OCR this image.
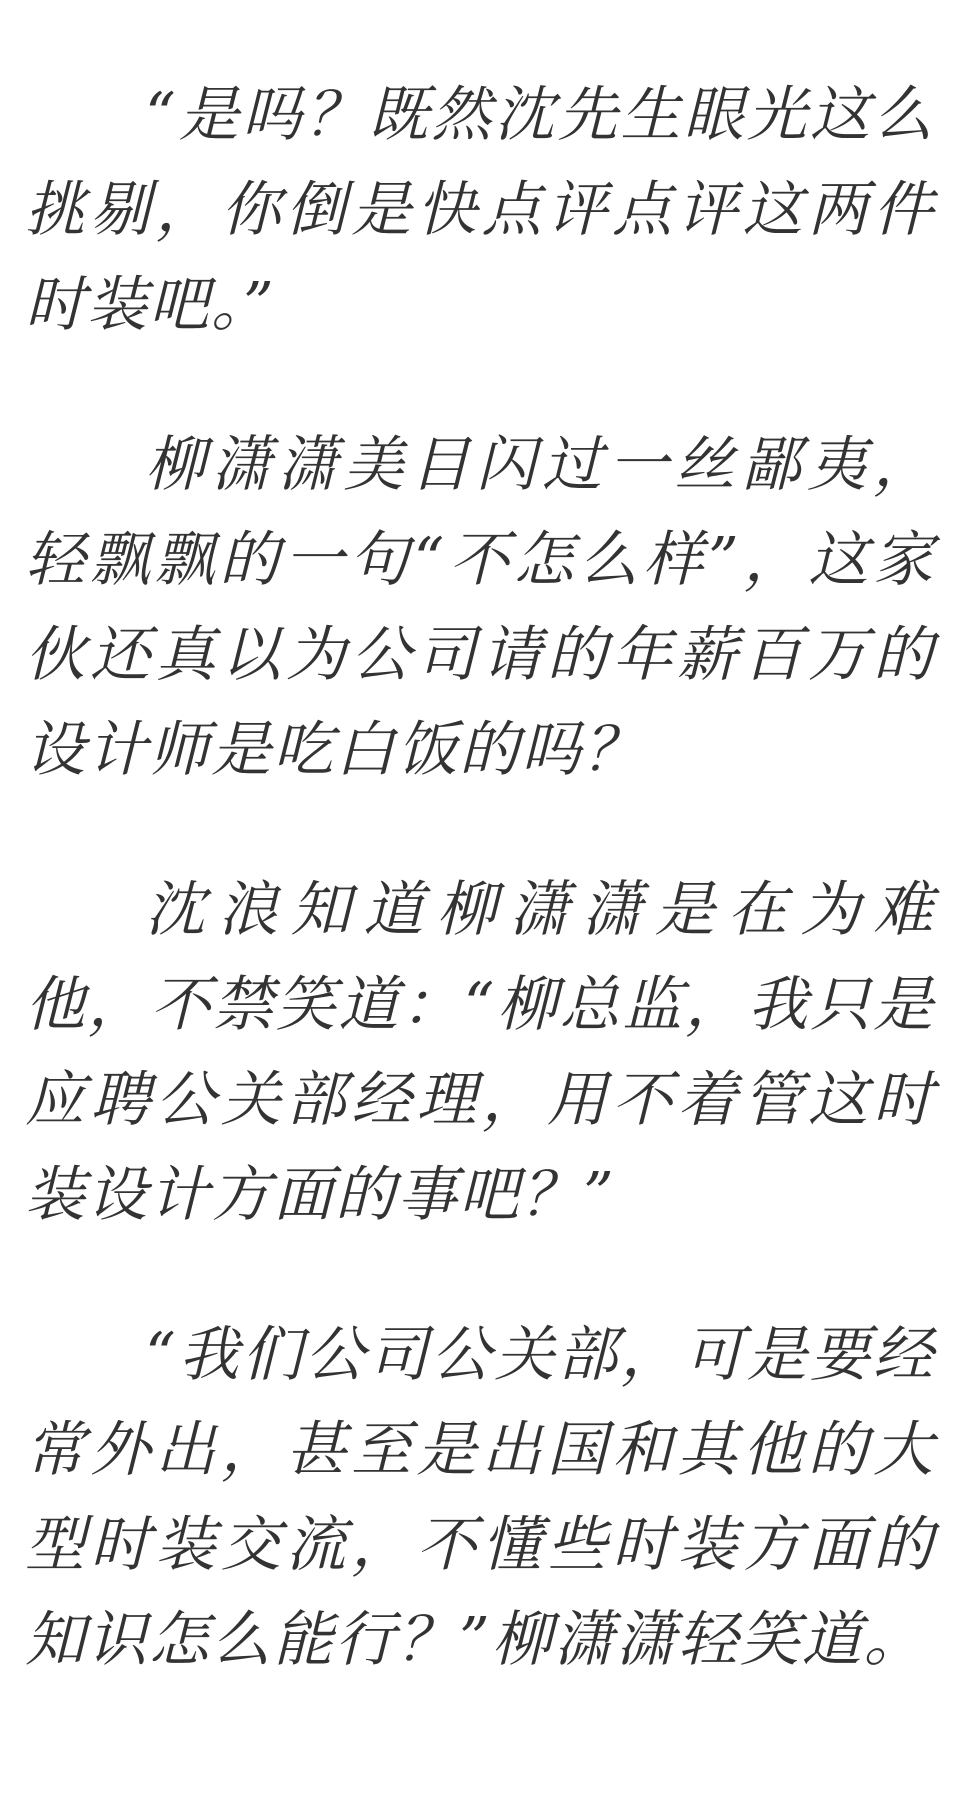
“是吗？既然沈先生眼光这么挑剔，你倒是快点评点评这两件时装吧。”

柳潇潇美目闪过一丝鄙夷，轻飘飘的一句“不怎么样”，这家伙还真以为公司请的年薪百万的设计师是吃白饭的吗？

沈浪知道柳潇潇是在为难他，不禁笑道：“柳总监，我只是应聘公关部经理，用不着管这时装设计方面的事吧？”

“我们公司公关部，可是要经常外出，甚至是出国和其他的大型时装交流，不懂些时装方面的知识怎么能行？”柳潇潇轻笑道。
